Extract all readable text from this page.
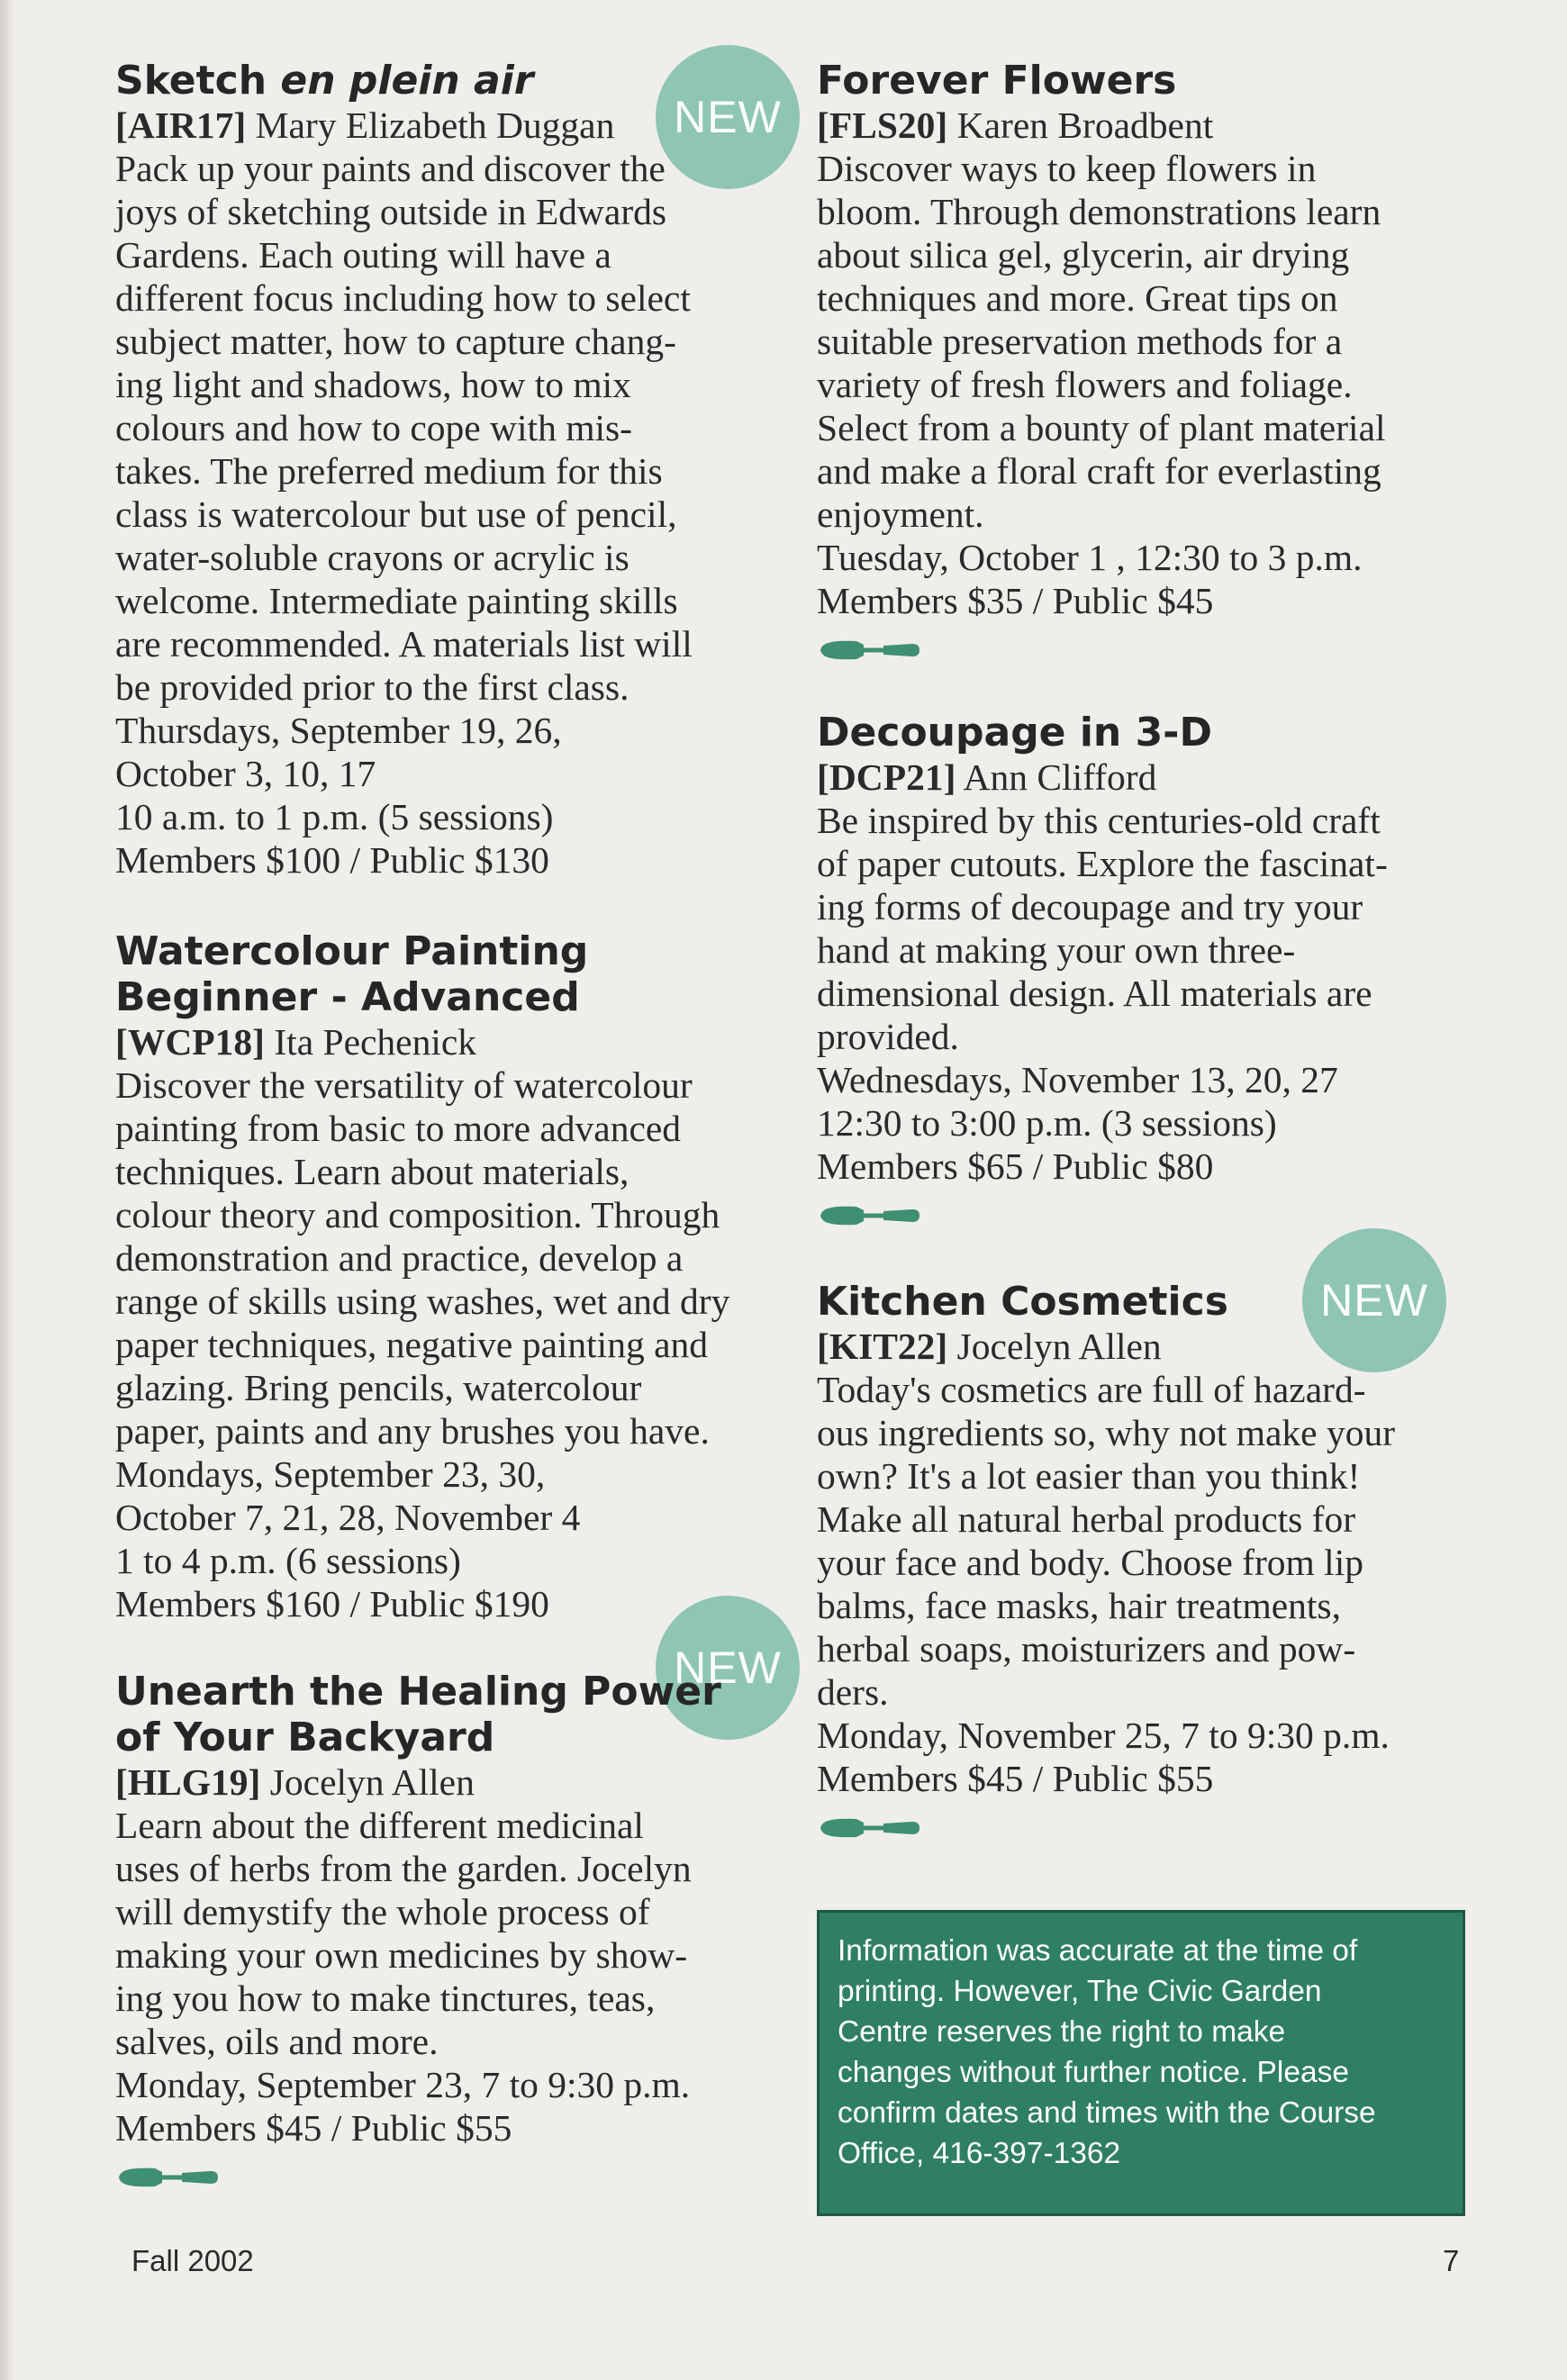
NEW
NEW
NEW

Sketch en plein air

[AIR17] Mary Elizabeth Duggan

Pack up your paints and discover the

joys of sketching outside in Edwards

Gardens. Each outing will have a

different focus including how to select

subject matter, how to capture chang-

ing light and shadows, how to mix

colours and how to cope with mis-

takes. The preferred medium for this

class is watercolour but use of pencil,

water-soluble crayons or acrylic is

welcome. Intermediate painting skills

are recommended. A materials list will

be provided prior to the first class.

Thursdays, September 19, 26,

October 3, 10, 17

10 a.m. to 1 p.m. (5 sessions)

Members $100 / Public $130

Watercolour Painting

Beginner - Advanced

[WCP18] Ita Pechenick

Discover the versatility of watercolour

painting from basic to more advanced

techniques. Learn about materials,

colour theory and composition. Through

demonstration and practice, develop a

range of skills using washes, wet and dry

paper techniques, negative painting and

glazing. Bring pencils, watercolour

paper, paints and any brushes you have.

Mondays, September 23, 30,

October 7, 21, 28, November 4

1 to 4 p.m. (6 sessions)

Members $160 / Public $190

Unearth the Healing Power

of Your Backyard

[HLG19] Jocelyn Allen

Learn about the different medicinal

uses of herbs from the garden. Jocelyn

will demystify the whole process of

making your own medicines by show-

ing you how to make tinctures, teas,

salves, oils and more.

Monday, September 23, 7 to 9:30 p.m.

Members $45 / Public $55

Forever Flowers

[FLS20] Karen Broadbent

Discover ways to keep flowers in

bloom. Through demonstrations learn

about silica gel, glycerin, air drying

techniques and more. Great tips on

suitable preservation methods for a

variety of fresh flowers and foliage.

Select from a bounty of plant material

and make a floral craft for everlasting

enjoyment.

Tuesday, October 1 , 12:30 to 3 p.m.

Members $35 / Public $45

Decoupage in 3-D

[DCP21] Ann Clifford

Be inspired by this centuries-old craft

of paper cutouts. Explore the fascinat-

ing forms of decoupage and try your

hand at making your own three-

dimensional design. All materials are

provided.

Wednesdays, November 13, 20, 27

12:30 to 3:00 p.m. (3 sessions)

Members $65 / Public $80

Kitchen Cosmetics

[KIT22] Jocelyn Allen

Today's cosmetics are full of hazard-

ous ingredients so, why not make your

own? It's a lot easier than you think!

Make all natural herbal products for

your face and body. Choose from lip

balms, face masks, hair treatments,

herbal soaps, moisturizers and pow-

ders.

Monday, November 25, 7 to 9:30 p.m.

Members $45 / Public $55

Information was accurate at the time of
printing. However, The Civic Garden
Centre reserves the right to make
changes without further notice. Please
confirm dates and times with the Course
Office, 416-397-1362
Fall 2002	7
